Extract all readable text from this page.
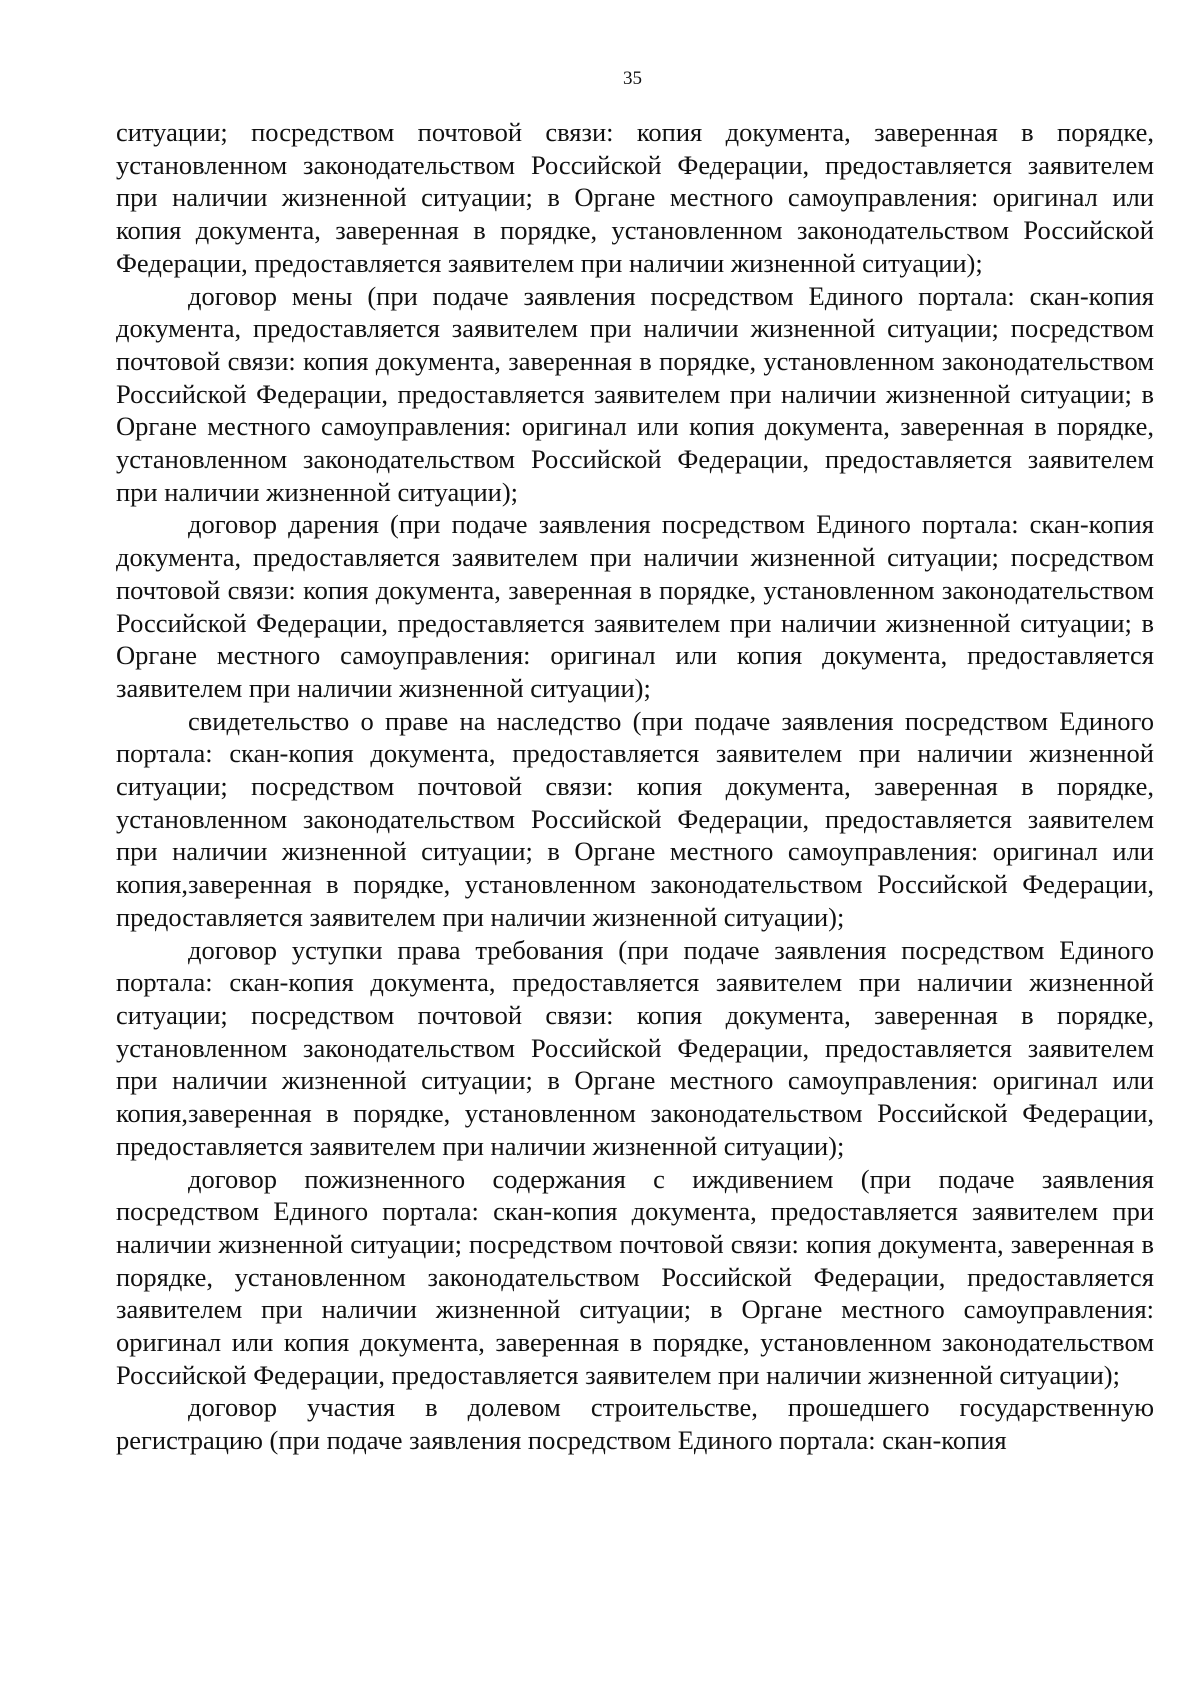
35

ситуации; посредством почтовой связи: копия документа, заверенная в порядке, установленном законодательством Российской Федерации, предоставляется заявителем при наличии жизненной ситуации; в Органе местного самоуправления: оригинал или копия документа, заверенная в порядке, установленном законодательством Российской Федерации, предоставляется заявителем при наличии жизненной ситуации);

договор мены (при подаче заявления посредством Единого портала: скан-копия документа, предоставляется заявителем при наличии жизненной ситуации; посредством почтовой связи: копия документа, заверенная в порядке, установленном законодательством Российской Федерации, предоставляется заявителем при наличии жизненной ситуации; в Органе местного самоуправления: оригинал или копия документа, заверенная в порядке, установленном законодательством Российской Федерации, предоставляется заявителем при наличии жизненной ситуации);

договор дарения (при подаче заявления посредством Единого портала: скан-копия документа, предоставляется заявителем при наличии жизненной ситуации; посредством почтовой связи: копия документа, заверенная в порядке, установленном законодательством Российской Федерации, предоставляется заявителем при наличии жизненной ситуации; в Органе местного самоуправления: оригинал или копия документа, предоставляется заявителем при наличии жизненной ситуации);

свидетельство о праве на наследство (при подаче заявления посредством Единого портала: скан-копия документа, предоставляется заявителем при наличии жизненной ситуации; посредством почтовой связи: копия документа, заверенная в порядке, установленном законодательством Российской Федерации, предоставляется заявителем при наличии жизненной ситуации; в Органе местного самоуправления: оригинал или копия,заверенная в порядке, установленном законодательством Российской Федерации, предоставляется заявителем при наличии жизненной ситуации);

договор уступки права требования (при подаче заявления посредством Единого портала: скан-копия документа, предоставляется заявителем при наличии жизненной ситуации; посредством почтовой связи: копия документа, заверенная в порядке, установленном законодательством Российской Федерации, предоставляется заявителем при наличии жизненной ситуации; в Органе местного самоуправления: оригинал или копия,заверенная в порядке, установленном законодательством Российской Федерации, предоставляется заявителем при наличии жизненной ситуации);

договор пожизненного содержания с иждивением (при подаче заявления посредством Единого портала: скан-копия документа, предоставляется заявителем при наличии жизненной ситуации; посредством почтовой связи: копия документа, заверенная в порядке, установленном законодательством Российской Федерации, предоставляется заявителем при наличии жизненной ситуации; в Органе местного самоуправления: оригинал или копия документа, заверенная в порядке, установленном законодательством Российской Федерации, предоставляется заявителем при наличии жизненной ситуации);

договор участия в долевом строительстве, прошедшего государственную регистрацию (при подаче заявления посредством Единого портала: скан-копия
